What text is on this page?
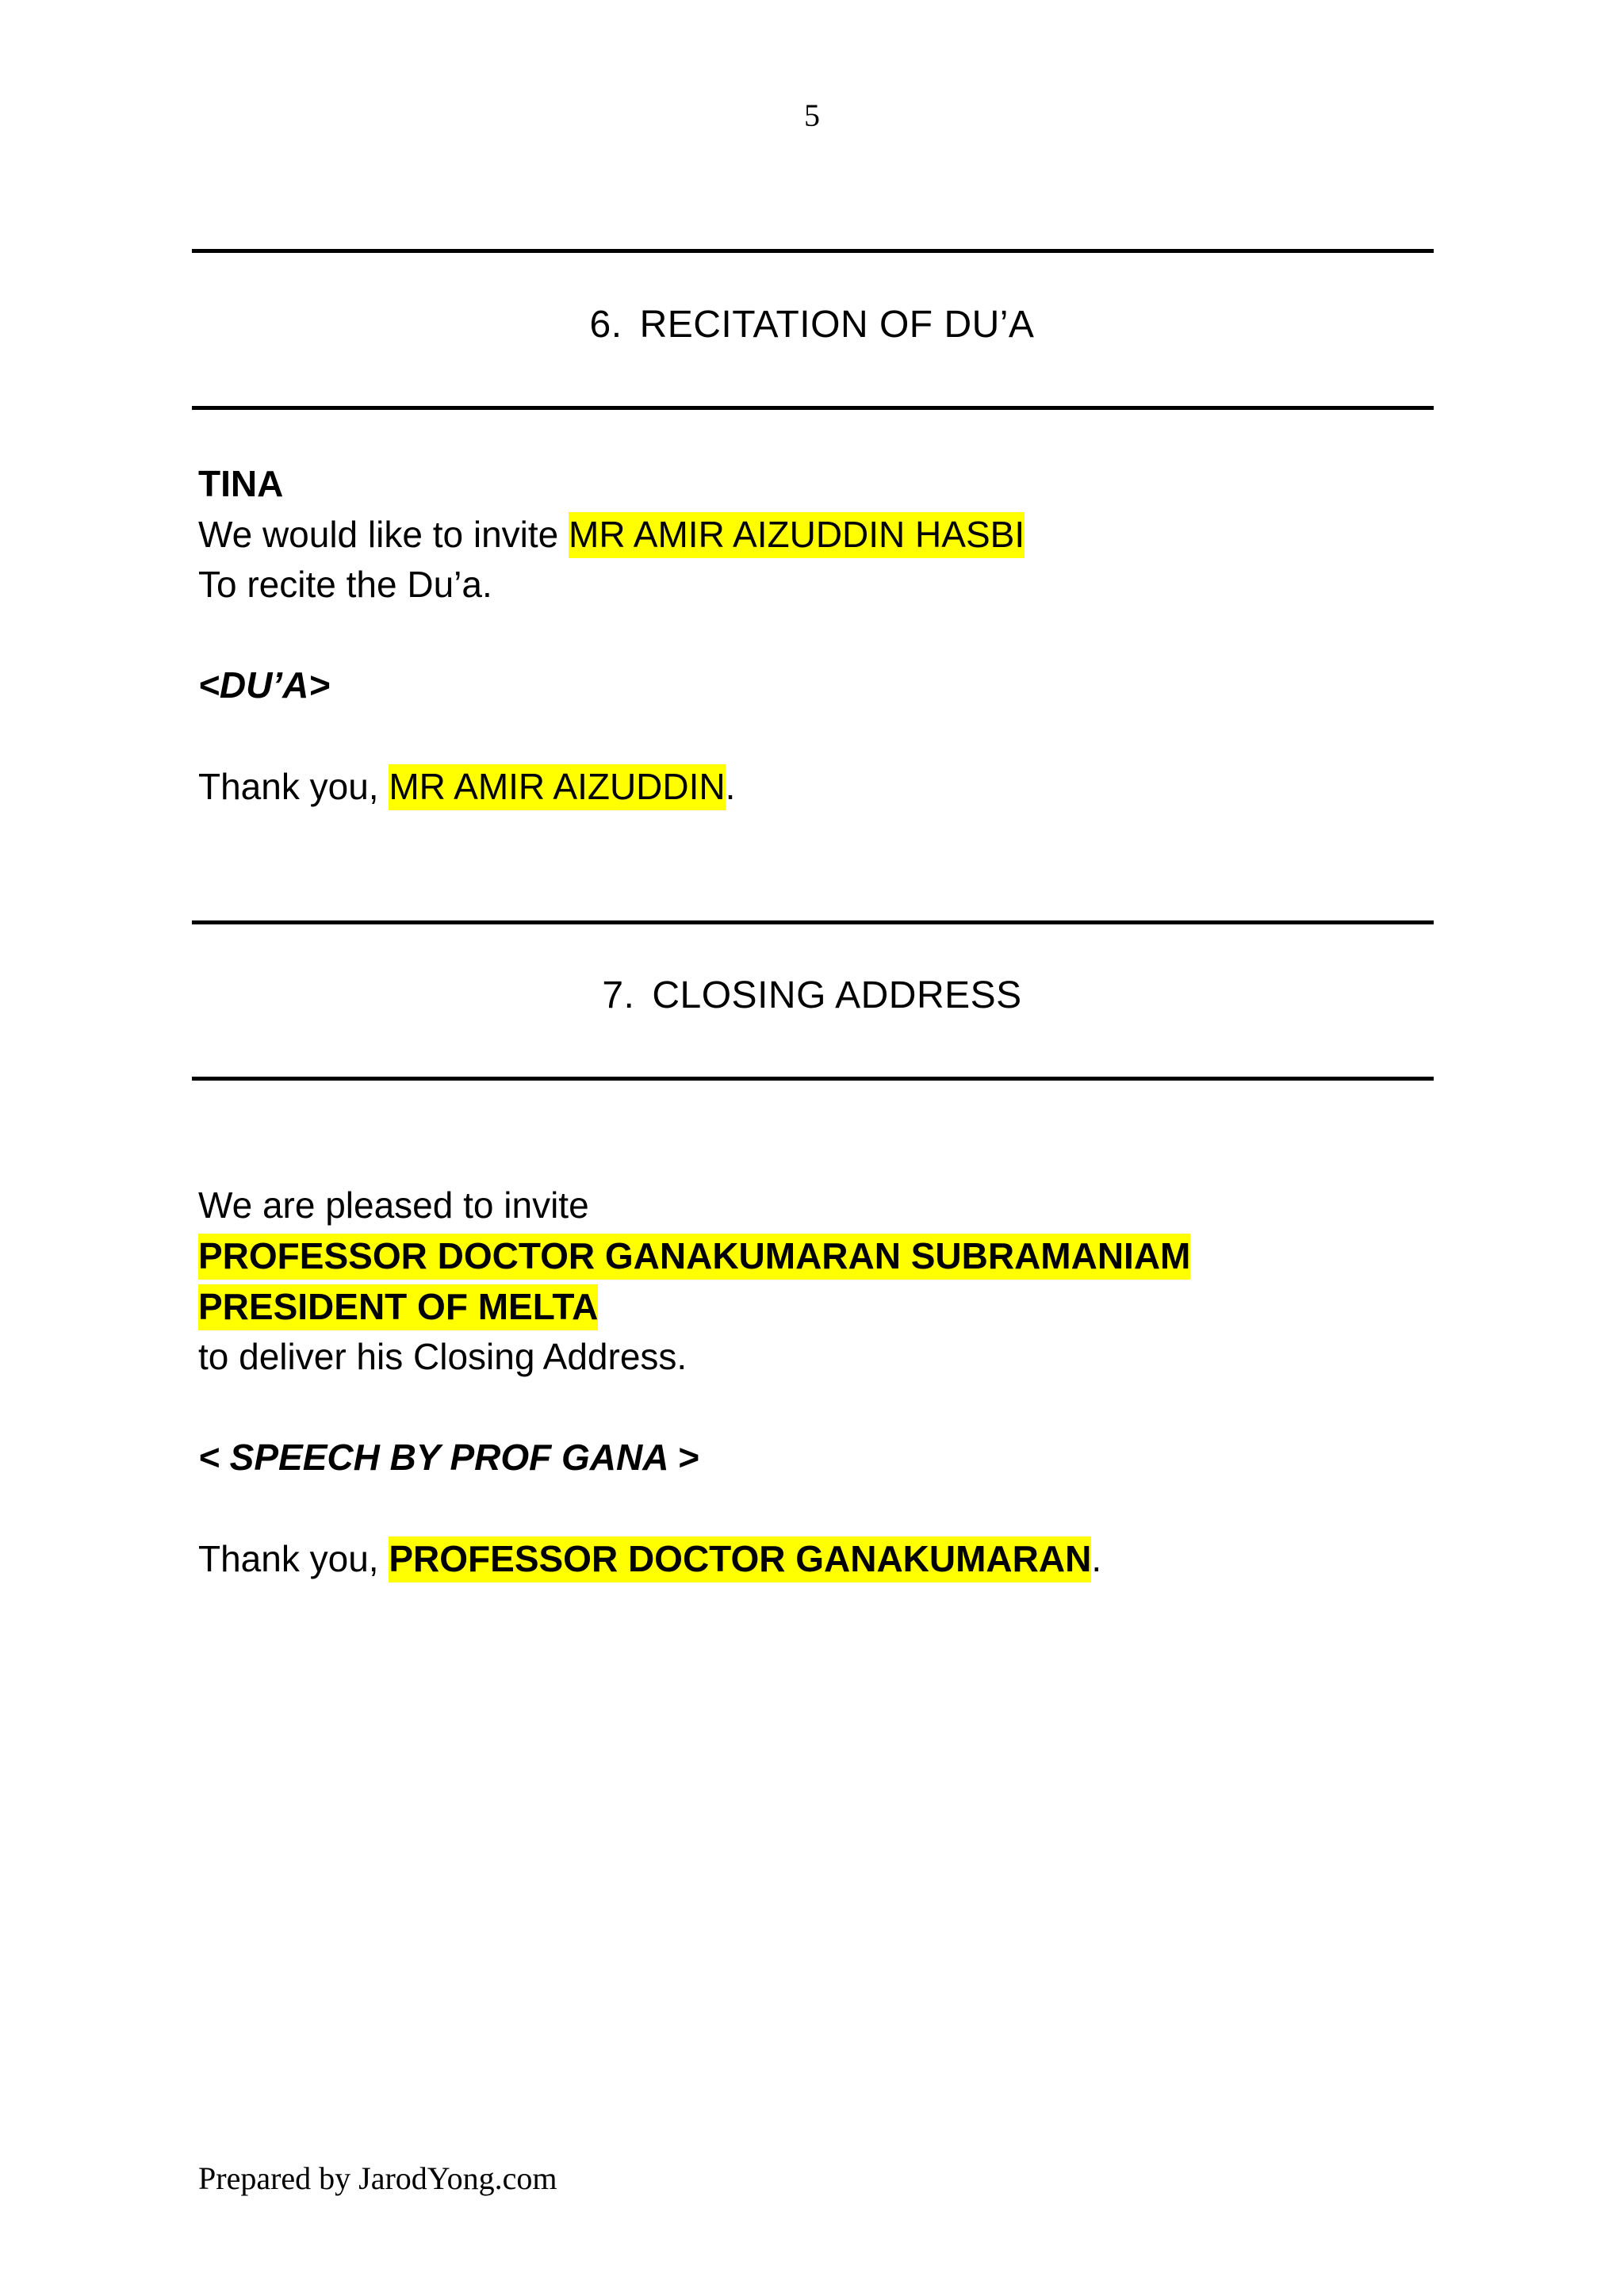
5
6. RECITATION OF DU’A
TINA
We would like to invite MR AMIR AIZUDDIN HASBI
To recite the Du’a.
<DU’A>
Thank you, MR AMIR AIZUDDIN.
7. CLOSING ADDRESS
We are pleased to invite
PROFESSOR DOCTOR GANAKUMARAN SUBRAMANIAM
PRESIDENT OF MELTA
to deliver his Closing Address.
< SPEECH BY PROF GANA >
Thank you, PROFESSOR DOCTOR GANAKUMARAN.
Prepared by JarodYong.com
